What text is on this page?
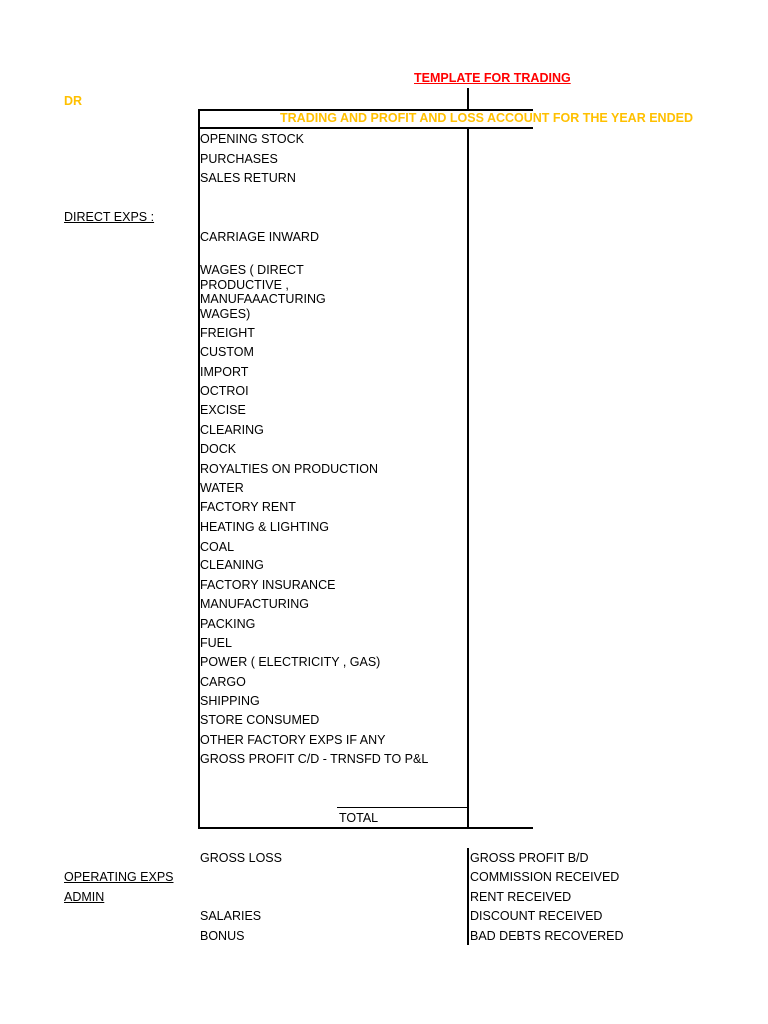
TEMPLATE FOR TRADING
DR
TRADING AND PROFIT AND LOSS ACCOUNT FOR THE YEAR ENDED
DIRECT EXPS :
OPENING STOCK
PURCHASES
SALES RETURN
CARRIAGE INWARD
WAGES ( DIRECT PRODUCTIVE , MANUFAAACTURING WAGES)
FREIGHT
CUSTOM
IMPORT
OCTROI
EXCISE
CLEARING
DOCK
ROYALTIES ON PRODUCTION
WATER
FACTORY RENT
HEATING & LIGHTING
COAL
CLEANING
FACTORY INSURANCE
MANUFACTURING
PACKING
FUEL
POWER ( ELECTRICITY , GAS)
CARGO
SHIPPING
STORE CONSUMED
OTHER FACTORY EXPS IF ANY
GROSS PROFIT C/D - TRNSFD TO P&L
TOTAL
OPERATING EXPS
ADMIN
GROSS LOSS
SALARIES
BONUS
GROSS PROFIT B/D
COMMISSION RECEIVED
RENT RECEIVED
DISCOUNT RECEIVED
BAD DEBTS RECOVERED
